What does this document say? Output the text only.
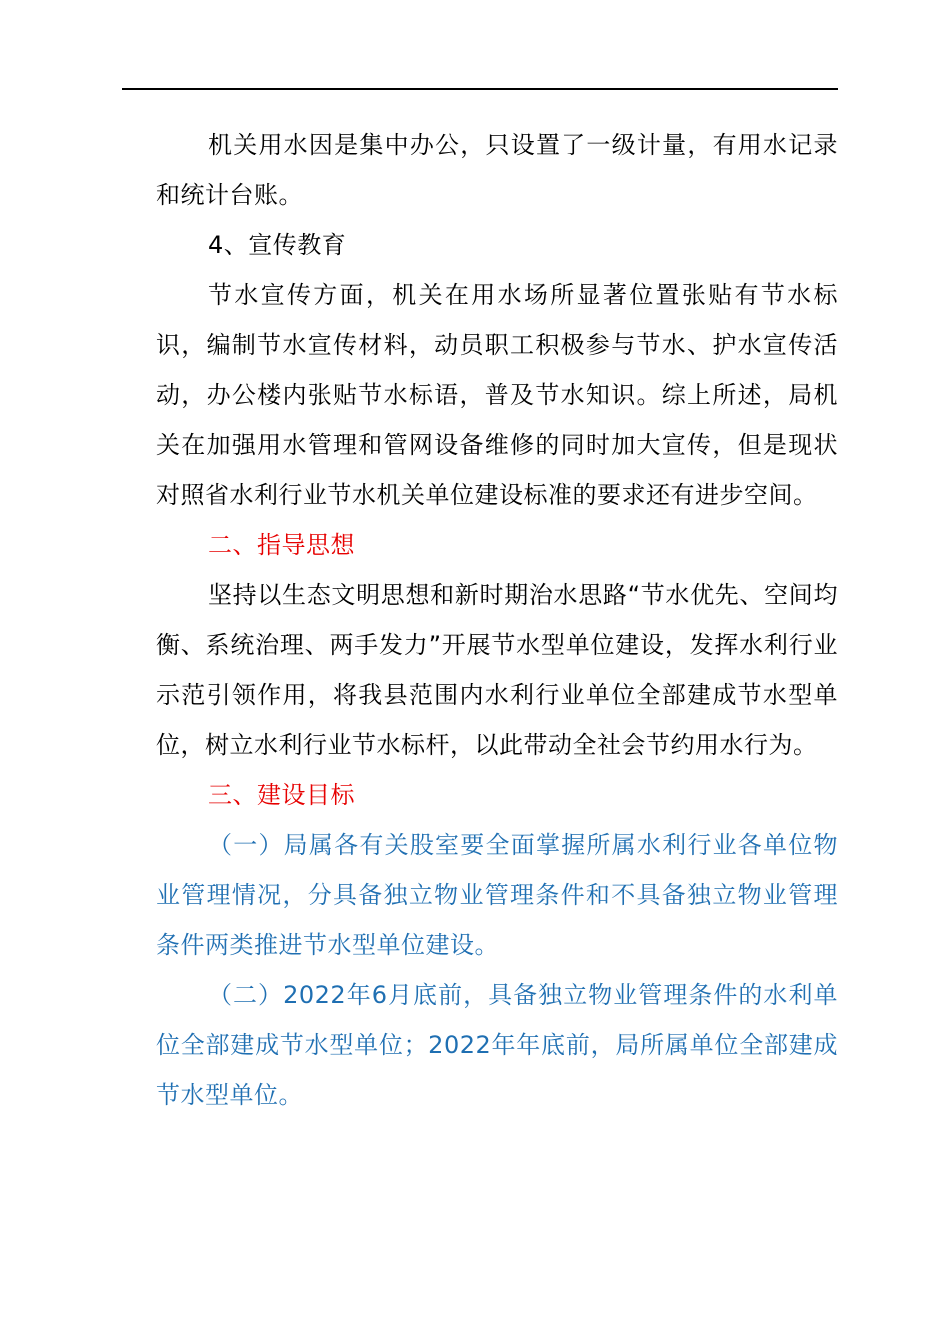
机关用水因是集中办公，只设置了一级计量，有用水记录和统计台账。

4、宣传教育

节水宣传方面，机关在用水场所显著位置张贴有节水标识，编制节水宣传材料，动员职工积极参与节水、护水宣传活动，办公楼内张贴节水标语，普及节水知识。综上所述，局机关在加强用水管理和管网设备维修的同时加大宣传，但是现状对照省水利行业节水机关单位建设标准的要求还有进步空间。

二、指导思想

坚持以生态文明思想和新时期治水思路“节水优先、空间均衡、系统治理、两手发力”开展节水型单位建设，发挥水利行业示范引领作用，将我县范围内水利行业单位全部建成节水型单位，树立水利行业节水标杆，以此带动全社会节约用水行为。

三、建设目标

（一）局属各有关股室要全面掌握所属水利行业各单位物业管理情况，分具备独立物业管理条件和不具备独立物业管理条件两类推进节水型单位建设。

（二）2022年6月底前，具备独立物业管理条件的水利单位全部建成节水型单位；2022年年底前，局所属单位全部建成节水型单位。
